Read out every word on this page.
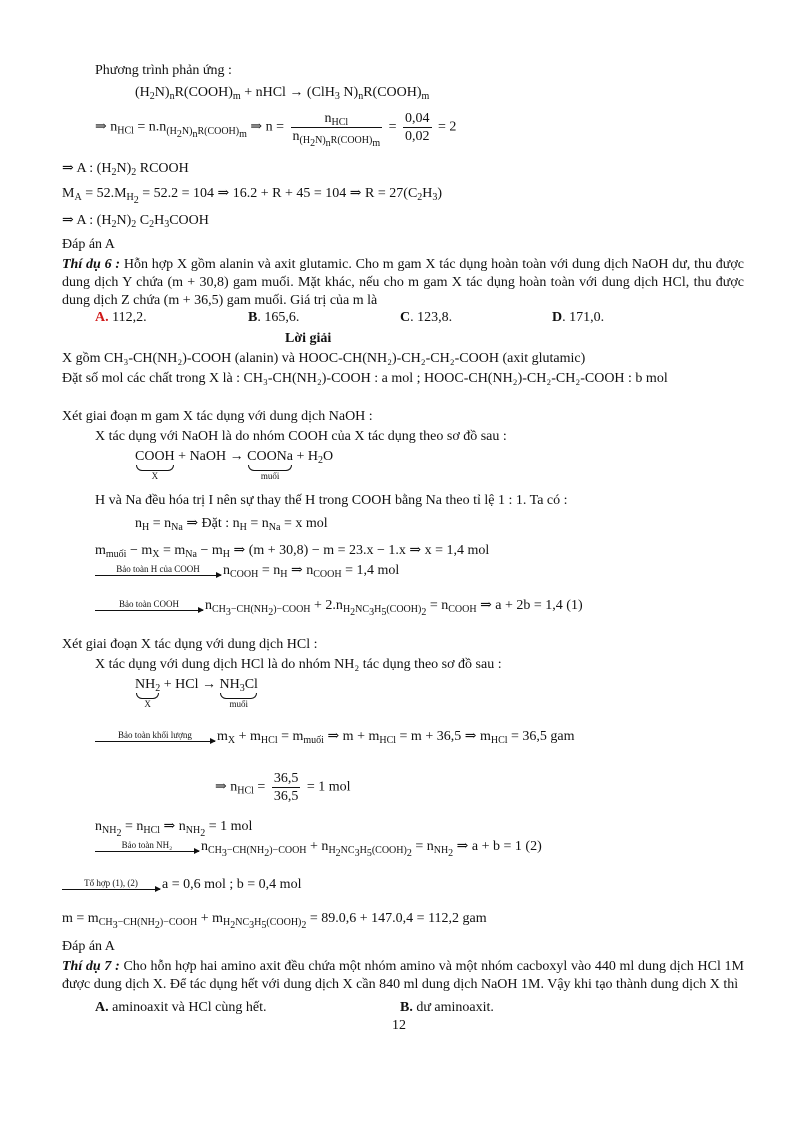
Phương trình phản ứng :
$(H_2N)_nR(COOH)_m$ + nHCl → (ClH$_3$ $N)_nR(COOH)_m$
⇒ $n_{HCl} = n.n_{(H_2N)_nR(COOH)_m}$ ⇒ $n = \frac{n_{HCl}}{n_{(H_2N)_nR(COOH)_m}} = \frac{0,04}{0,02} = 2$
⇒ A : $(H_2N)_2$ RCOOH
$M_A = 52.M_{H_2} = 52.2 = 104$ ⇒ 16.2 + R + 45 = 104 ⇒ $R = 27(C_2H_3)$
⇒ A : $(H_2N)_2$ $C_2H_3COOH$
Đáp án A
Thí dụ 6 : Hỗn hợp X gồm alanin và axit glutamic. Cho m gam X tác dụng hoàn toàn với dung dịch NaOH dư, thu được dung dịch Y chứa (m + 30,8) gam muối. Mặt khác, nếu cho m gam X tác dụng hoàn toàn với dung dịch HCl, thu được dung dịch Z chứa (m + 36,5) gam muối. Giá trị của m là
A. 112,2.	B. 165,6.	C. 123,8.	D. 171,0.
Lời giải
X gồm CH₃-CH(NH₂)-COOH (alanin) và HOOC-CH(NH₂)-CH₂-CH₂-COOH (axit glutamic)
Đặt số mol các chất trong X là : CH₃-CH(NH₂)-COOH : a mol ; HOOC-CH(NH₂)-CH₂-CH₂-COOH : b mol
Xét giai đoạn m gam X tác dụng với dung dịch NaOH :
X tác dụng với NaOH là do nhóm COOH của X tác dụng theo sơ đồ sau :
COOH
X
+ NaOH → COONa
muối
+ $H_2O$
H và Na đều hóa trị I nên sự thay thế H trong COOH bằng Na theo tỉ lệ 1 : 1. Ta có :
$n_H = n_{Na}$ ⇒ Đặt : $n_H = n_{Na} = x$ mol
$m_{muối} - m_X = m_{Na} - m_H$ ⇒ (m + 30,8) − m = 23.x − 1.x ⇒ x = 1,4 mol
Bảo toàn H của COOH	$n_{COOH} = n_H$ ⇒ $n_{COOH} = 1,4$ mol
Bảo toàn COOH	$n_{CH_3-CH(NH_2)-COOH} + 2.n_{H_2NC_3H_5(COOH)_2} = n_{COOH}$ ⇒ a + 2b = 1,4 (1)
Xét giai đoạn X tác dụng với dung dịch HCl :
X tác dụng với dung dịch HCl là do nhóm NH₂ tác dụng theo sơ đồ sau :
$NH_2$
X
+ HCl → $NH_3Cl$
muối
Bảo toàn khối lượng	$m_X + m_{HCl} = m_{muối}$ ⇒ $m + m_{HCl} = m + 36,5$ ⇒ $m_{HCl} = 36,5$ gam
⇒ $n_{HCl} = \frac{36,5}{36,5} = 1$ mol
$n_{NH_2} = n_{HCl}$ ⇒ $n_{NH_2} = 1$ mol
Bảo toàn NH₂	$n_{CH_3-CH(NH_2)-COOH} + n_{H_2NC_3H_5(COOH)_2} = n_{NH_2}$ ⇒ a + b = 1 (2)
Tổ hợp (1), (2)	a = 0,6 mol ; b = 0,4 mol
$m = m_{CH_3-CH(NH_2)-COOH} + m_{H_2NC_3H_5(COOH)_2} = 89.0,6 + 147.0,4 = 112,2$ gam
Đáp án A
Thí dụ 7 : Cho hỗn hợp hai amino axit đều chứa một nhóm amino và một nhóm cacboxyl vào 440 ml dung dịch HCl 1M được dung dịch X. Để tác dụng hết với dung dịch X cần 840 ml dung dịch NaOH 1M. Vậy khi tạo thành dung dịch X thì
A. aminoaxit và HCl cùng hết.	B. dư aminoaxit.
12
